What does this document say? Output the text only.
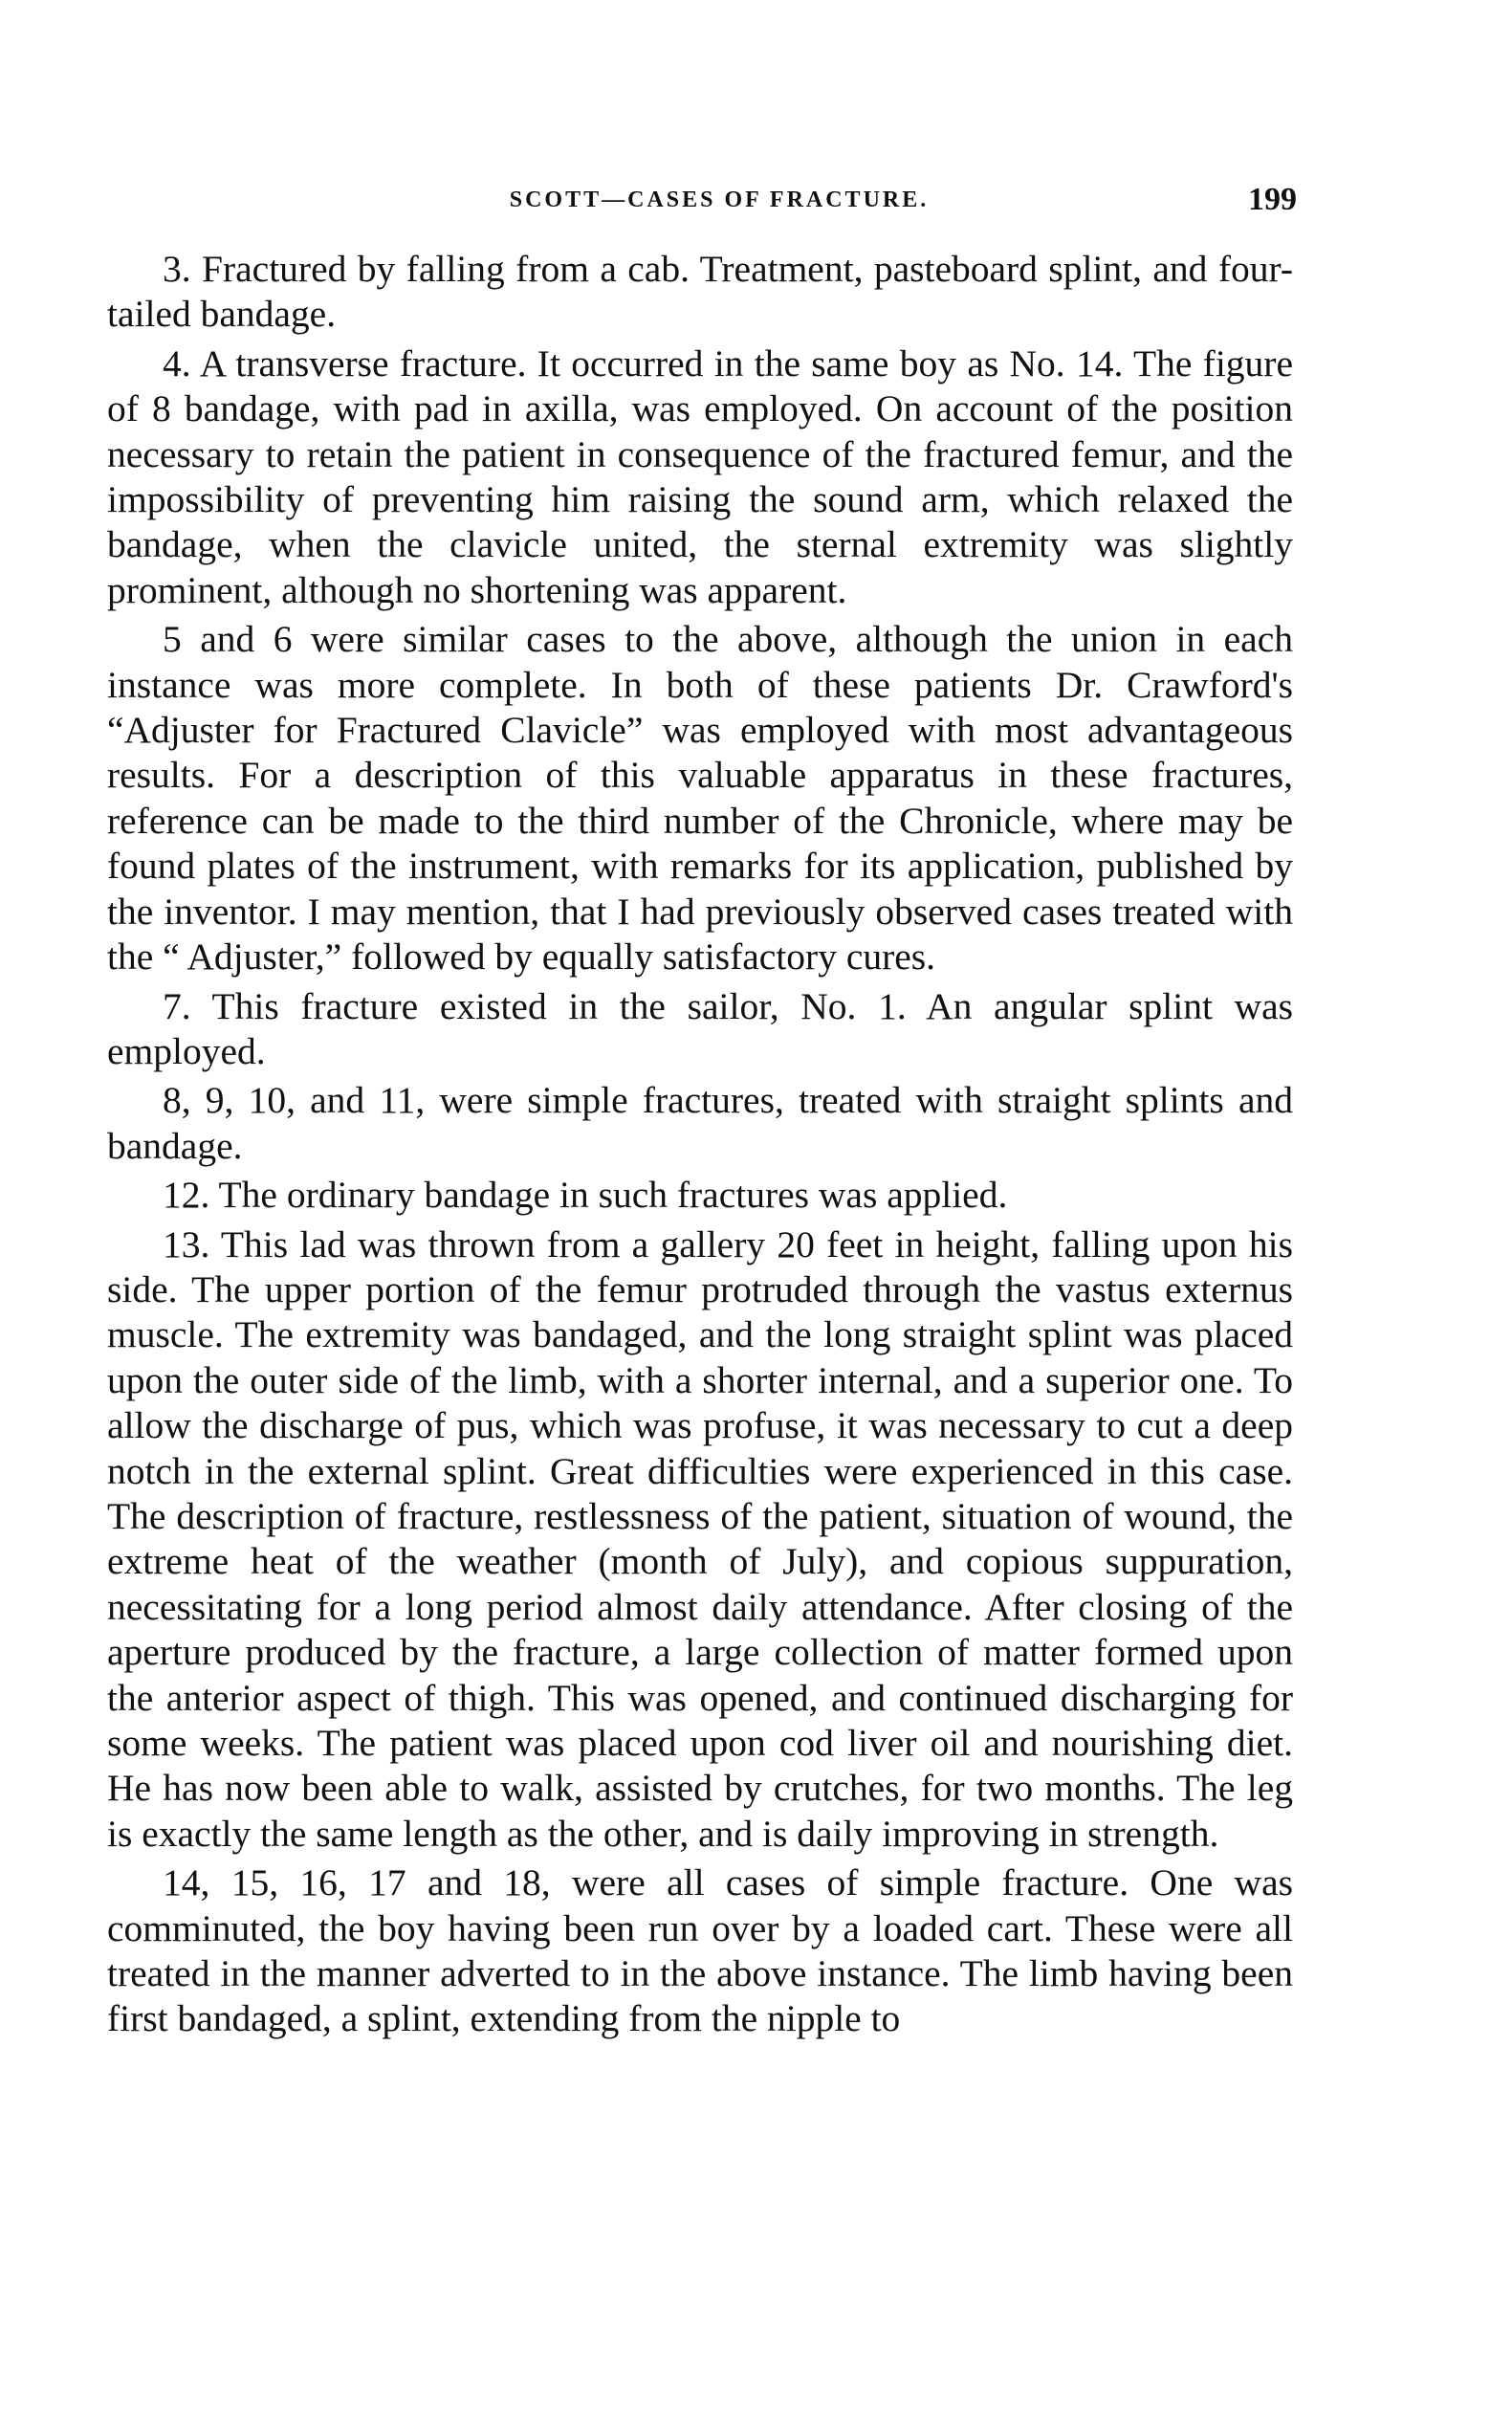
SCOTT—CASES OF FRACTURE.	199

3. Fractured by falling from a cab. Treatment, pasteboard splint, and four-tailed bandage.

4. A transverse fracture. It occurred in the same boy as No. 14. The figure of 8 bandage, with pad in axilla, was employed. On account of the position necessary to retain the patient in consequence of the fractured femur, and the impossibility of preventing him raising the sound arm, which relaxed the bandage, when the clavicle united, the sternal extremity was slightly prominent, although no shortening was apparent.

5 and 6 were similar cases to the above, although the union in each instance was more complete. In both of these patients Dr. Crawford's “Adjuster for Fractured Clavicle” was employed with most advantageous results. For a description of this valuable apparatus in these fractures, reference can be made to the third number of the Chronicle, where may be found plates of the instrument, with remarks for its application, published by the inventor. I may mention, that I had previously observed cases treated with the “ Adjuster,” followed by equally satisfactory cures.

7. This fracture existed in the sailor, No. 1. An angular splint was employed.

8, 9, 10, and 11, were simple fractures, treated with straight splints and bandage.

12. The ordinary bandage in such fractures was applied.

13. This lad was thrown from a gallery 20 feet in height, falling upon his side. The upper portion of the femur protruded through the vastus externus muscle. The extremity was bandaged, and the long straight splint was placed upon the outer side of the limb, with a shorter internal, and a superior one. To allow the discharge of pus, which was profuse, it was necessary to cut a deep notch in the external splint. Great difficulties were experienced in this case. The description of fracture, restlessness of the patient, situation of wound, the extreme heat of the weather (month of July), and copious suppuration, necessitating for a long period almost daily attendance. After closing of the aperture produced by the fracture, a large collection of matter formed upon the anterior aspect of thigh. This was opened, and continued discharging for some weeks. The patient was placed upon cod liver oil and nourishing diet. He has now been able to walk, assisted by crutches, for two months. The leg is exactly the same length as the other, and is daily improving in strength.

14, 15, 16, 17 and 18, were all cases of simple fracture. One was comminuted, the boy having been run over by a loaded cart. These were all treated in the manner adverted to in the above instance. The limb having been first bandaged, a splint, extending from the nipple to
